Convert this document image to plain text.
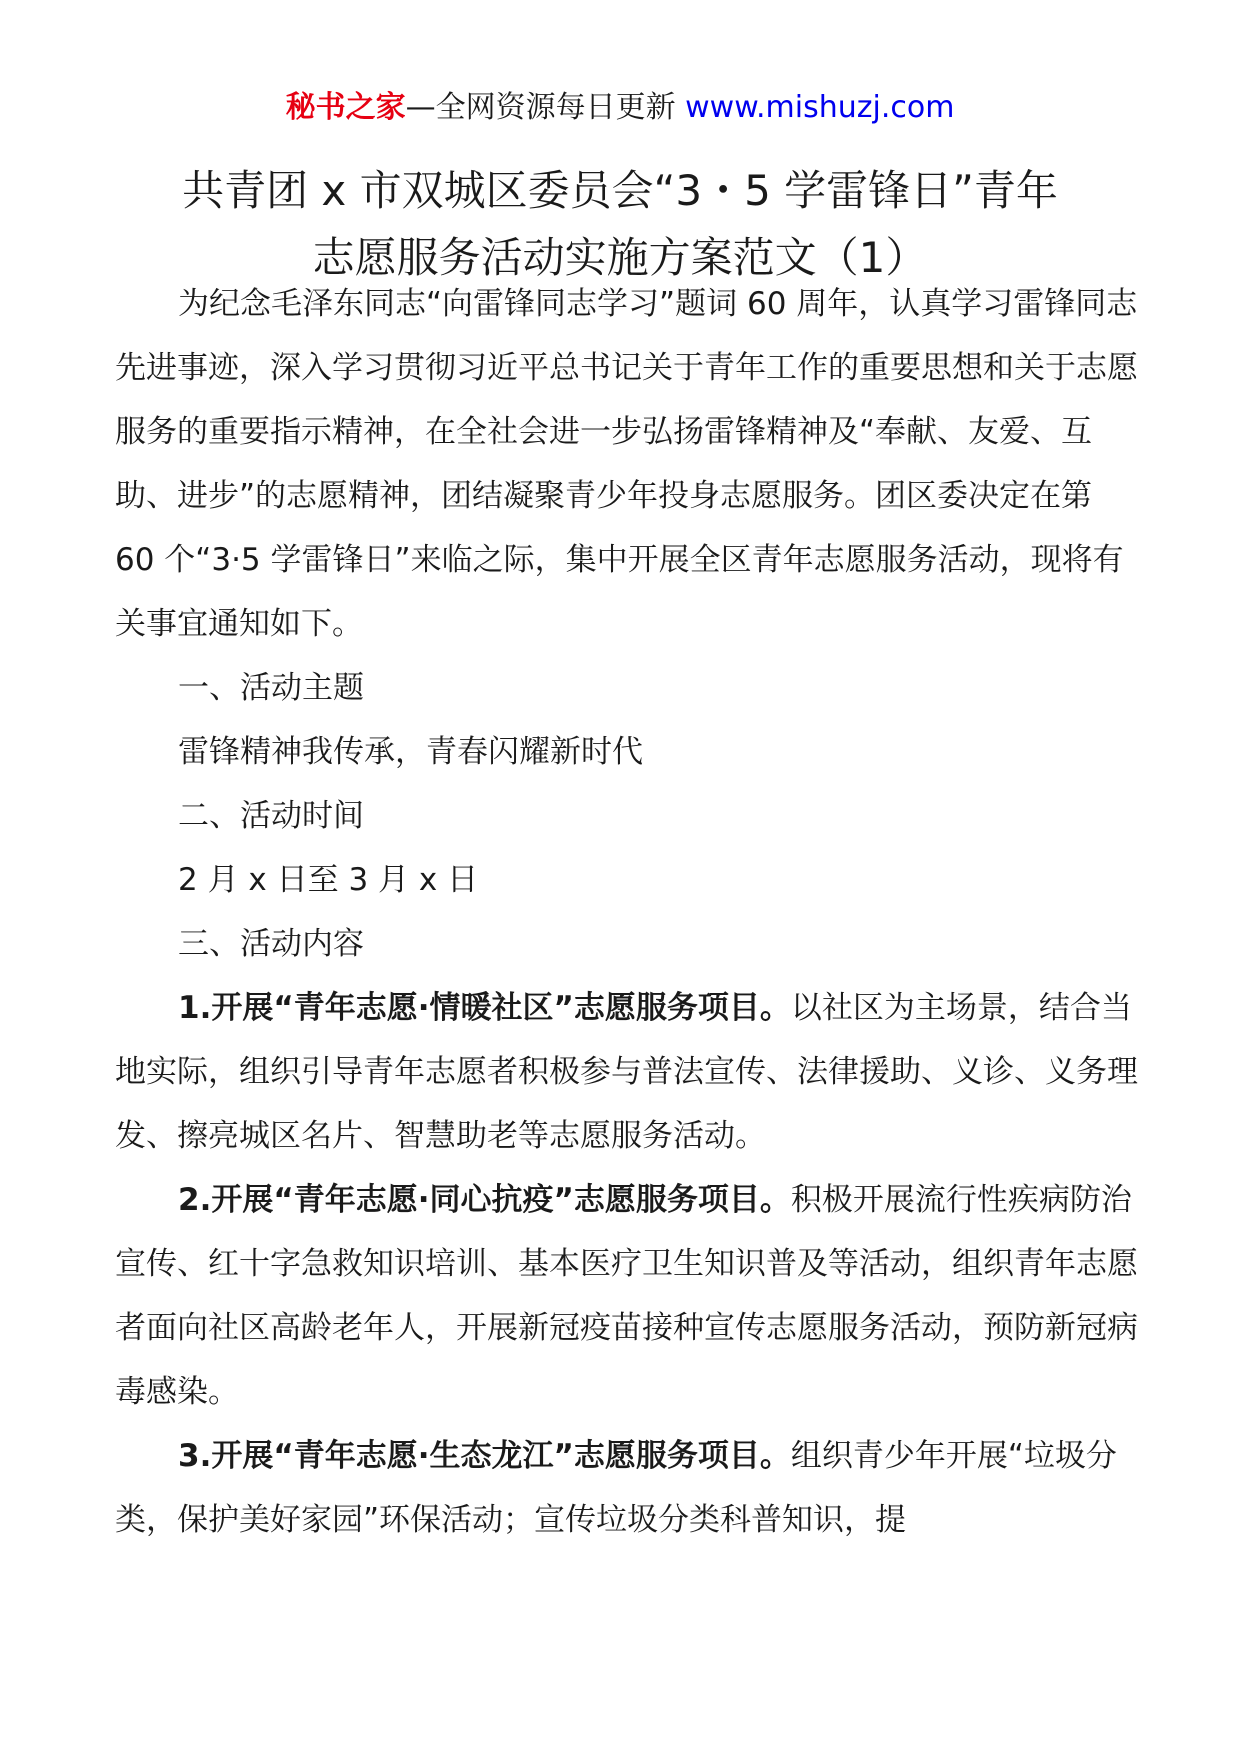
秘书之家—全网资源每日更新 www.mishuzj.com
共青团 x 市双城区委员会“3・5 学雷锋日”青年
志愿服务活动实施方案范文（1）

为纪念毛泽东同志“向雷锋同志学习”题词 60 周年，认真学习雷锋同志先进事迹，深入学习贯彻习近平总书记关于青年工作的重要思想和关于志愿服务的重要指示精神，在全社会进一步弘扬雷锋精神及“奉献、友爱、互助、进步”的志愿精神，团结凝聚青少年投身志愿服务。团区委决定在第 60 个“3·5 学雷锋日”来临之际，集中开展全区青年志愿服务活动，现将有关事宜通知如下。

一、活动主题

雷锋精神我传承，青春闪耀新时代

二、活动时间

2 月 x 日至 3 月 x 日

三、活动内容

1.开展“青年志愿·情暖社区”志愿服务项目。以社区为主场景，结合当地实际，组织引导青年志愿者积极参与普法宣传、法律援助、义诊、义务理发、擦亮城区名片、智慧助老等志愿服务活动。

2.开展“青年志愿·同心抗疫”志愿服务项目。积极开展流行性疾病防治宣传、红十字急救知识培训、基本医疗卫生知识普及等活动，组织青年志愿者面向社区高龄老年人，开展新冠疫苗接种宣传志愿服务活动，预防新冠病毒感染。

3.开展“青年志愿·生态龙江”志愿服务项目。组织青少年开展“垃圾分类，保护美好家园”环保活动；宣传垃圾分类科普知识，提
